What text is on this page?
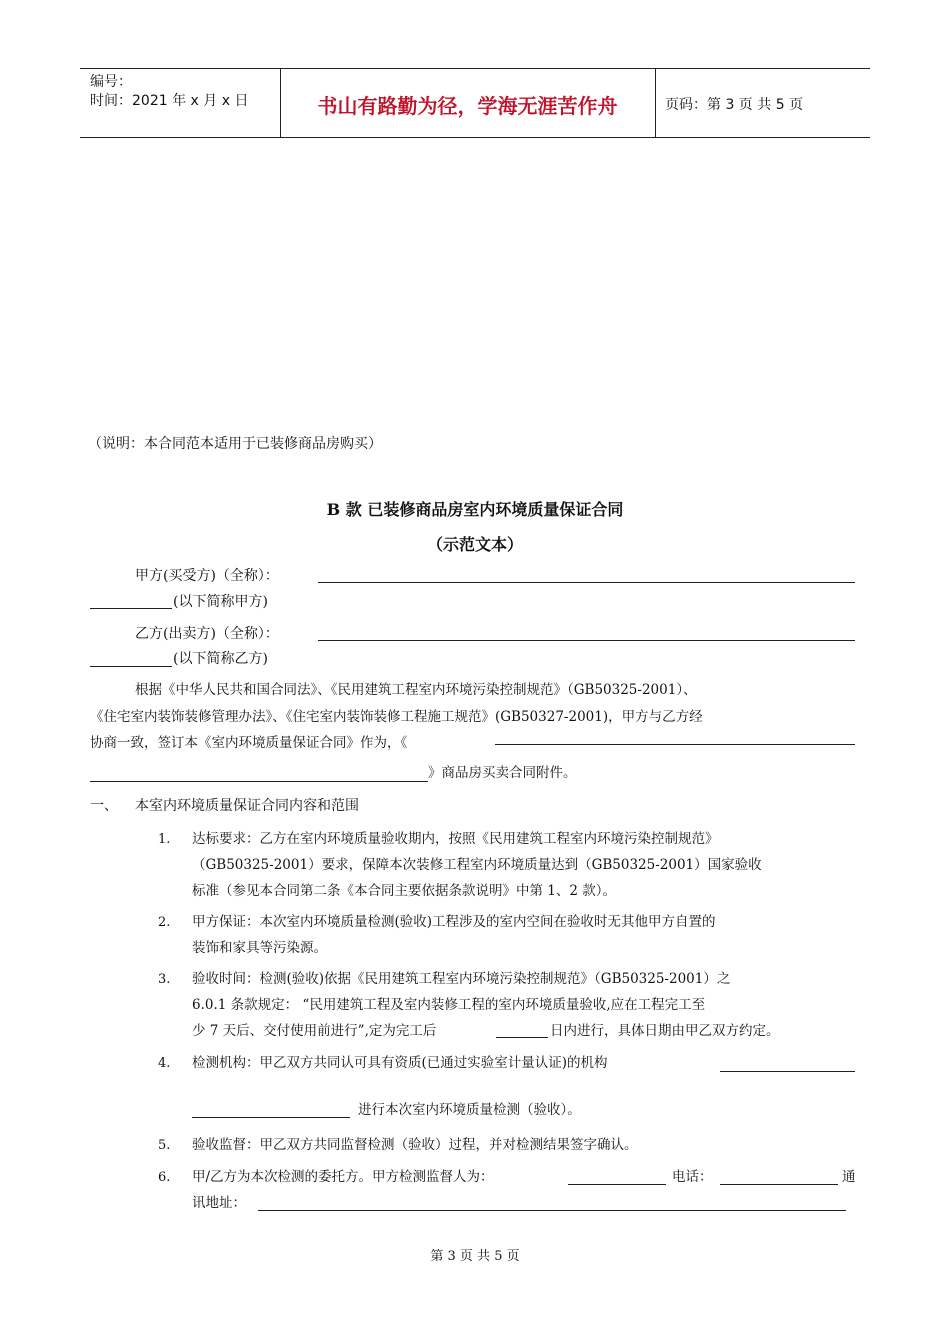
编号：
时间：2021 年 x 月 x 日	书山有路勤为径，学海无涯苦作舟	页码：第 3 页 共 5 页
（说明：本合同范本适用于已装修商品房购买）
B 款 已装修商品房室内环境质量保证合同
（示范文本）
甲方(买受方)（全称）：
(以下简称甲方)
乙方(出卖方)（全称）：
(以下简称乙方)
根据《中华人民共和国合同法》、《民用建筑工程室内环境污染控制规范》（GB50325-2001）、
《住宅室内装饰装修管理办法》、《住宅室内装饰装修工程施工规范》(GB50327-2001)，甲方与乙方经
协商一致，签订本《室内环境质量保证合同》作为，《
》商品房买卖合同附件。
一、 本室内环境质量保证合同内容和范围
1. 达标要求：乙方在室内环境质量验收期内，按照《民用建筑工程室内环境污染控制规范》
（GB50325-2001）要求，保障本次装修工程室内环境质量达到（GB50325-2001）国家验收
标准（参见本合同第二条《本合同主要依据条款说明》中第 1、2 款）。
2. 甲方保证：本次室内环境质量检测(验收)工程涉及的室内空间在验收时无其他甲方自置的
装饰和家具等污染源。
3. 验收时间：检测(验收)依据《民用建筑工程室内环境污染控制规范》（GB50325-2001）之
6.0.1 条款规定： “民用建筑工程及室内装修工程的室内环境质量验收,应在工程完工至
少 7 天后、交付使用前进行”,定为完工后	日内进行，具体日期由甲乙双方约定。
4. 检测机构：甲乙双方共同认可具有资质(已通过实验室计量认证)的机构
进行本次室内环境质量检测（验收）。
5. 验收监督：甲乙双方共同监督检测（验收）过程，并对检测结果签字确认。
6. 甲/乙方为本次检测的委托方。甲方检测监督人为：	电话：	通
讯地址：
第 3 页 共 5 页
